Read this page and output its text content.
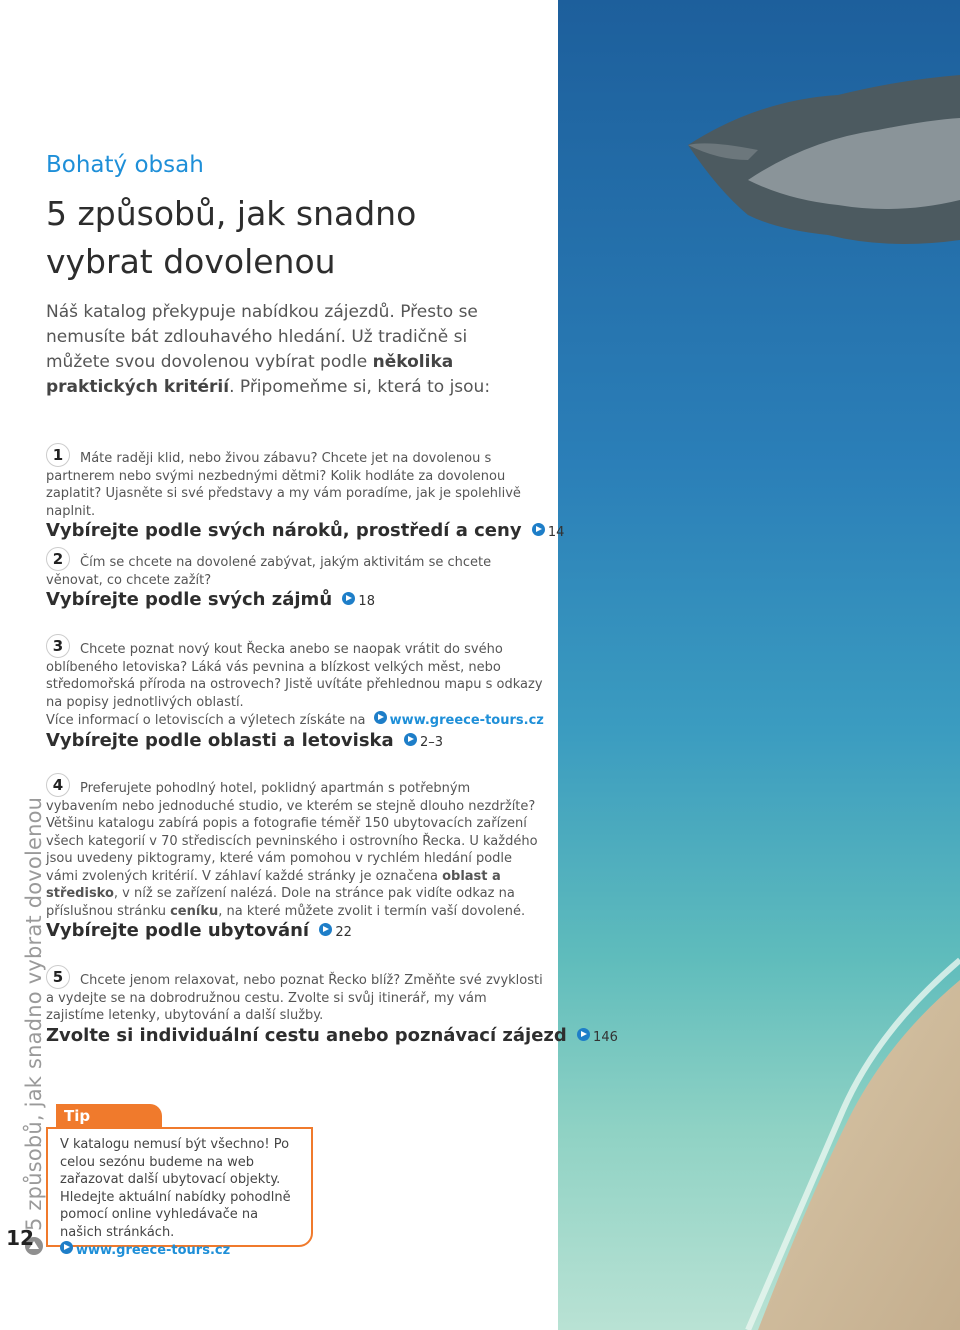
5 způsobů, jak snadno vybrat dovolenou
12
Bohatý obsah
5 způsobů, jak snadno
vybrat dovolenou
Náš katalog překypuje nabídkou zájezdů. Přesto se nemusíte bát zdlouhavého hledání. Už tradičně si můžete svou dovolenou vybírat podle několika praktických kritérií. Připomeňme si, která to jsou:
1 Máte raději klid, nebo živou zábavu? Chcete jet na dovolenou s partnerem nebo svými nezbednými dětmi? Kolik hodláte za dovolenou zaplatit? Ujasněte si své představy a my vám poradíme, jak je spolehlivě naplnit.
Vybírejte podle svých nároků, prostředí a ceny 14
2 Čím se chcete na dovolené zabývat, jakým aktivitám se chcete věnovat, co chcete zažít?
Vybírejte podle svých zájmů 18
3 Chcete poznat nový kout Řecka anebo se naopak vrátit do svého oblíbeného letoviska? Láká vás pevnina a blízkost velkých měst, nebo středomořská příroda na ostrovech? Jistě uvítáte přehlednou mapu s odkazy na popisy jednotlivých oblastí.
Více informací o letoviscích a výletech získáte na www.greece-tours.cz
Vybírejte podle oblasti a letoviska 2–3
4 Preferujete pohodlný hotel, poklidný apartmán s potřebným vybavením nebo jednoduché studio, ve kterém se stejně dlouho nezdržíte? Většinu katalogu zabírá popis a fotografie téměř 150 ubytovacích zařízení všech kategorií v 70 střediscích pevninského i ostrovního Řecka. U každého jsou uvedeny piktogramy, které vám pomohou v rychlém hledání podle vámi zvolených kritérií. V záhlaví každé stránky je označena oblast a středisko, v níž se zařízení nalézá. Dole na stránce pak vidíte odkaz na příslušnou stránku ceníku, na které můžete zvolit i termín vaší dovolené.
Vybírejte podle ubytování 22
5 Chcete jenom relaxovat, nebo poznat Řecko blíž? Změňte své zvyklosti a vydejte se na dobrodružnou cestu. Zvolte si svůj itinerář, my vám zajistíme letenky, ubytování a další služby.
Zvolte si individuální cestu anebo poznávací zájezd 146
Tip
V katalogu nemusí být všechno! Po celou sezónu budeme na web zařazovat další ubytovací objekty. Hledejte aktuální nabídky pohodlně pomocí online vyhledávače na našich stránkách.
www.greece-tours.cz
